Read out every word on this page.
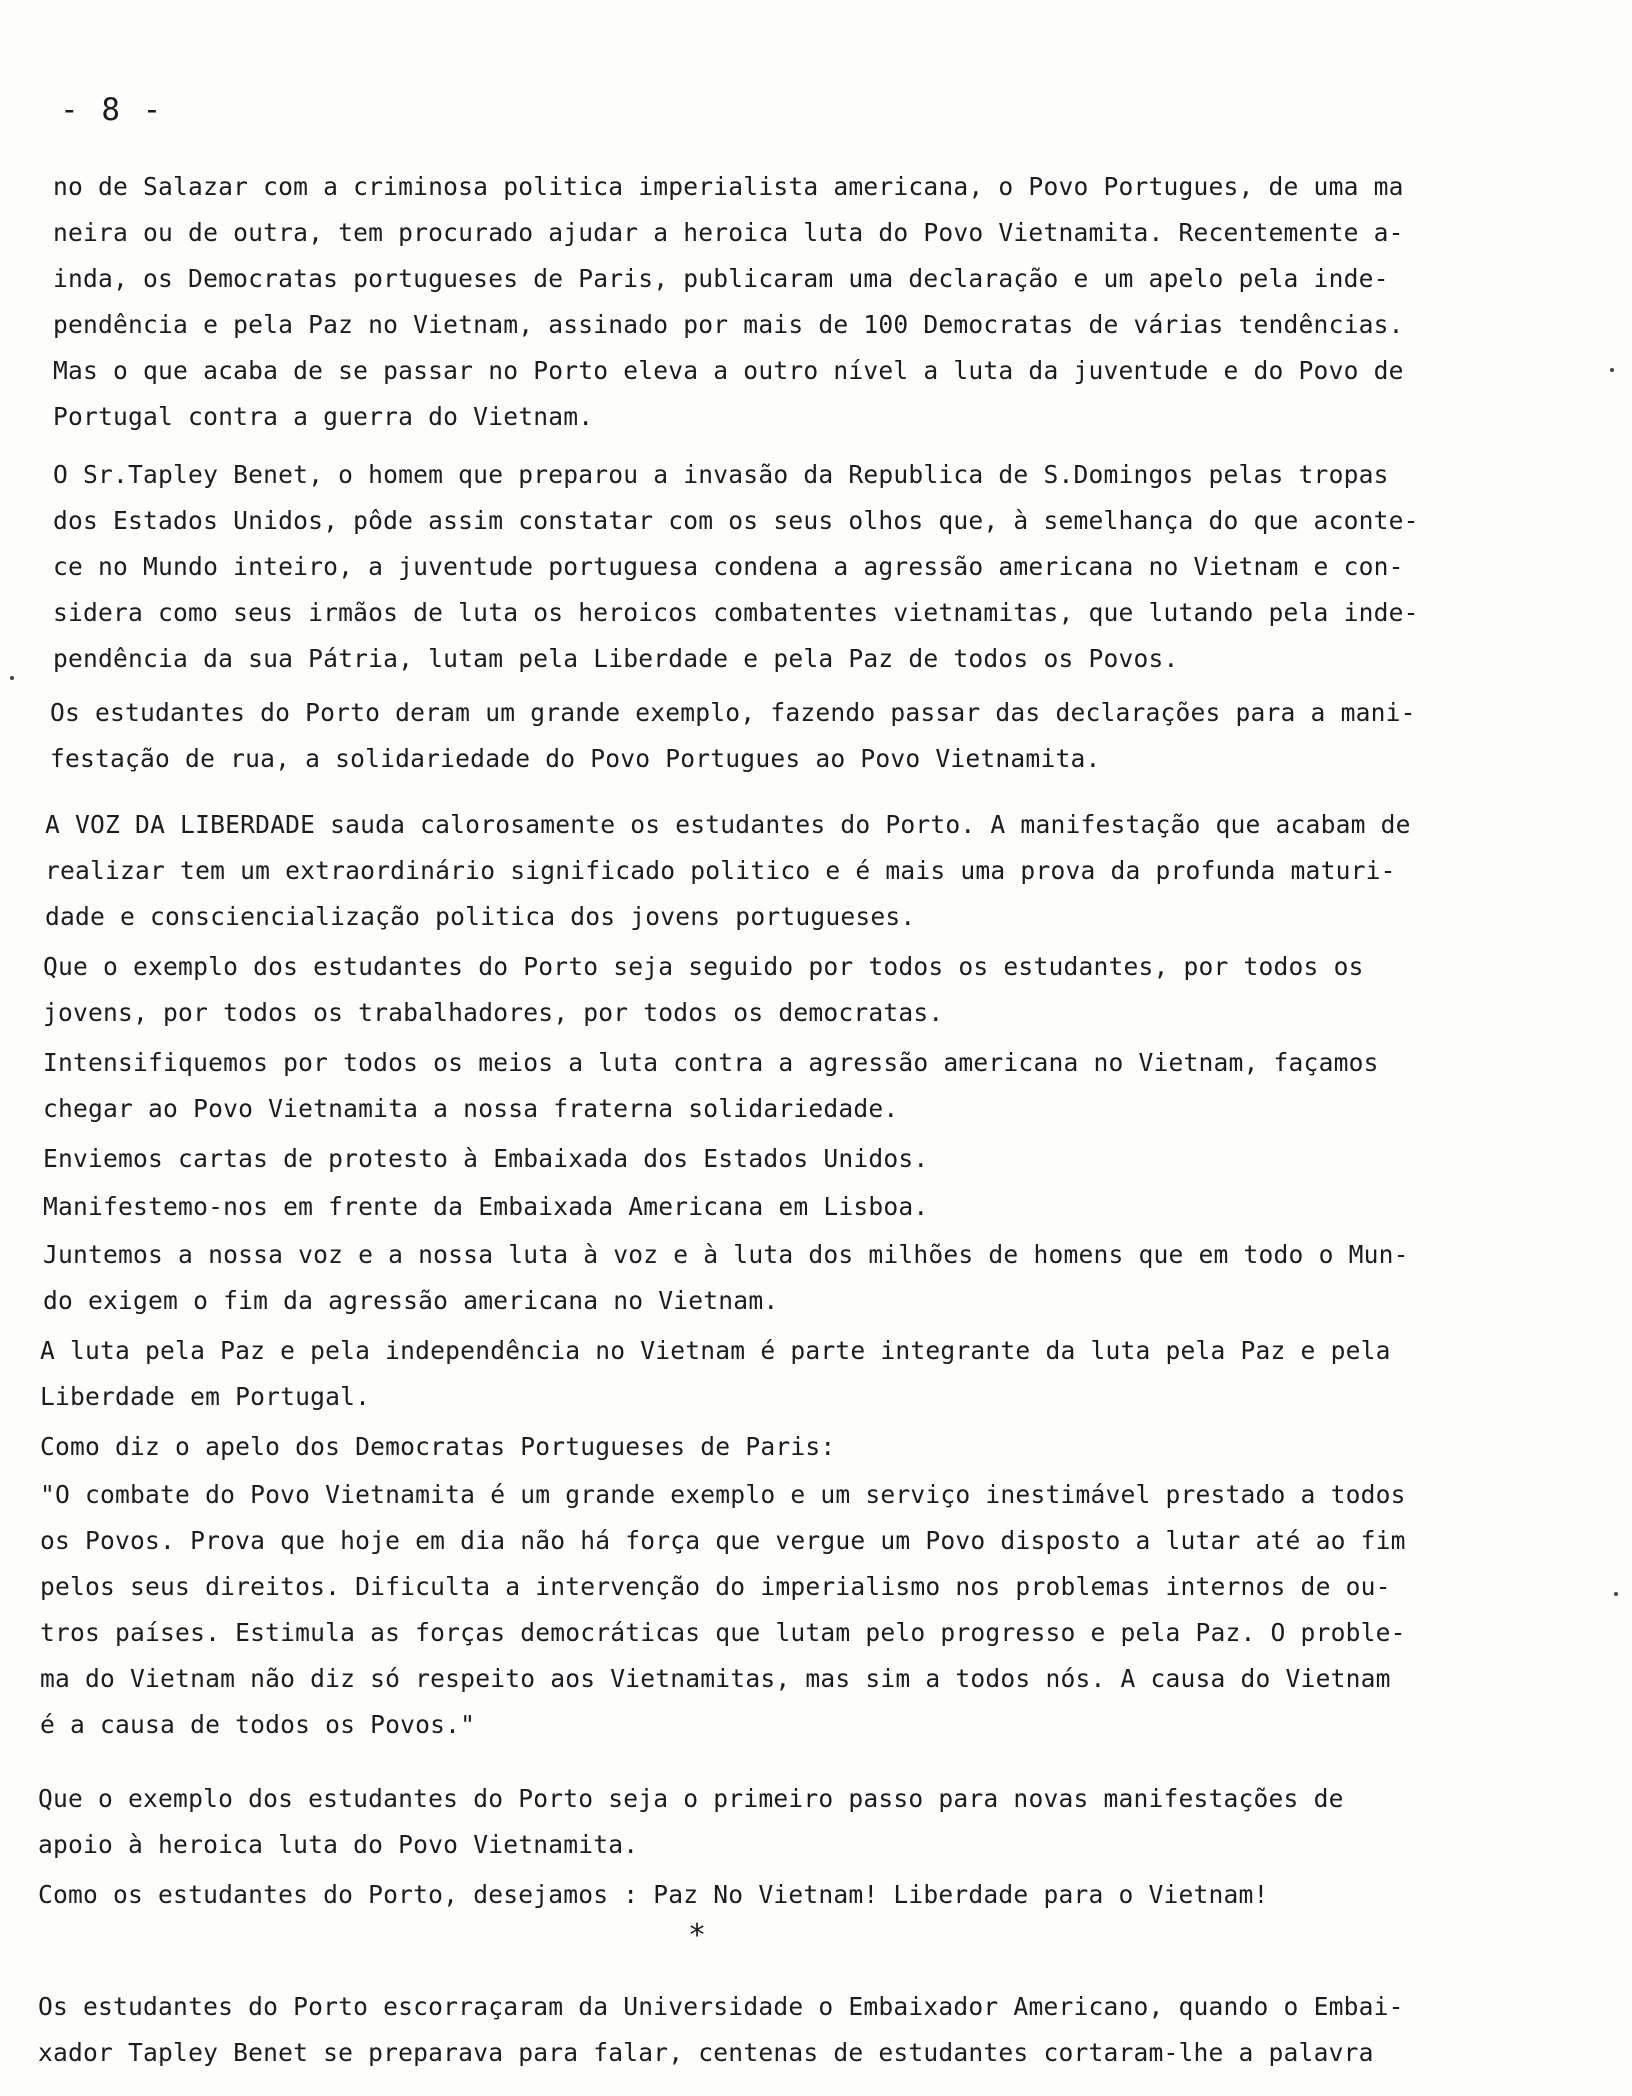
- 8 -
no de Salazar com a criminosa politica imperialista americana, o Povo Portugues, de uma ma
neira ou de outra, tem procurado ajudar a heroica luta do Povo Vietnamita. Recentemente a-
inda, os Democratas portugueses de Paris, publicaram uma declaração e um apelo pela inde-
pendência e pela Paz no Vietnam, assinado por mais de 100 Democratas de várias tendências.
Mas o que acaba de se passar no Porto eleva a outro nível a luta da juventude e do Povo de
Portugal contra a guerra do Vietnam.
O Sr.Tapley Benet, o homem que preparou a invasão da Republica de S.Domingos pelas tropas
dos Estados Unidos, pôde assim constatar com os seus olhos que, à semelhança do que aconte-
ce no Mundo inteiro, a juventude portuguesa condena a agressão americana no Vietnam e con-
sidera como seus irmãos de luta os heroicos combatentes vietnamitas, que lutando pela inde-
pendência da sua Pátria, lutam pela Liberdade e pela Paz de todos os Povos.
Os estudantes do Porto deram um grande exemplo, fazendo passar das declarações para a mani-
festação de rua, a solidariedade do Povo Portugues ao Povo Vietnamita.
A VOZ DA LIBERDADE sauda calorosamente os estudantes do Porto. A manifestação que acabam de
realizar tem um extraordinário significado politico e é mais uma prova da profunda maturi-
dade e consciencialização politica dos jovens portugueses.
Que o exemplo dos estudantes do Porto seja seguido por todos os estudantes, por todos os
jovens, por todos os trabalhadores, por todos os democratas.
Intensifiquemos por todos os meios a luta contra a agressão americana no Vietnam, façamos
chegar ao Povo Vietnamita a nossa fraterna solidariedade.
Enviemos cartas de protesto à Embaixada dos Estados Unidos.
Manifestemo-nos em frente da Embaixada Americana em Lisboa.
Juntemos a nossa voz e a nossa luta à voz e à luta dos milhões de homens que em todo o Mun-
do exigem o fim da agressão americana no Vietnam.
A luta pela Paz e pela independência no Vietnam é parte integrante da luta pela Paz e pela
Liberdade em Portugal.
Como diz o apelo dos Democratas Portugueses de Paris:
"O combate do Povo Vietnamita é um grande exemplo e um serviço inestimável prestado a todos
os Povos. Prova que hoje em dia não há força que vergue um Povo disposto a lutar até ao fim
pelos seus direitos. Dificulta a intervenção do imperialismo nos problemas internos de ou-
tros países. Estimula as forças democráticas que lutam pelo progresso e pela Paz. O proble-
ma do Vietnam não diz só respeito aos Vietnamitas, mas sim a todos nós. A causa do Vietnam
é a causa de todos os Povos."
Que o exemplo dos estudantes do Porto seja o primeiro passo para novas manifestações de
apoio à heroica luta do Povo Vietnamita.
Como os estudantes do Porto, desejamos : Paz No Vietnam! Liberdade para o Vietnam!
*
Os estudantes do Porto escorraçaram da Universidade o Embaixador Americano, quando o Embai-
xador Tapley Benet se preparava para falar, centenas de estudantes cortaram-lhe a palavra
